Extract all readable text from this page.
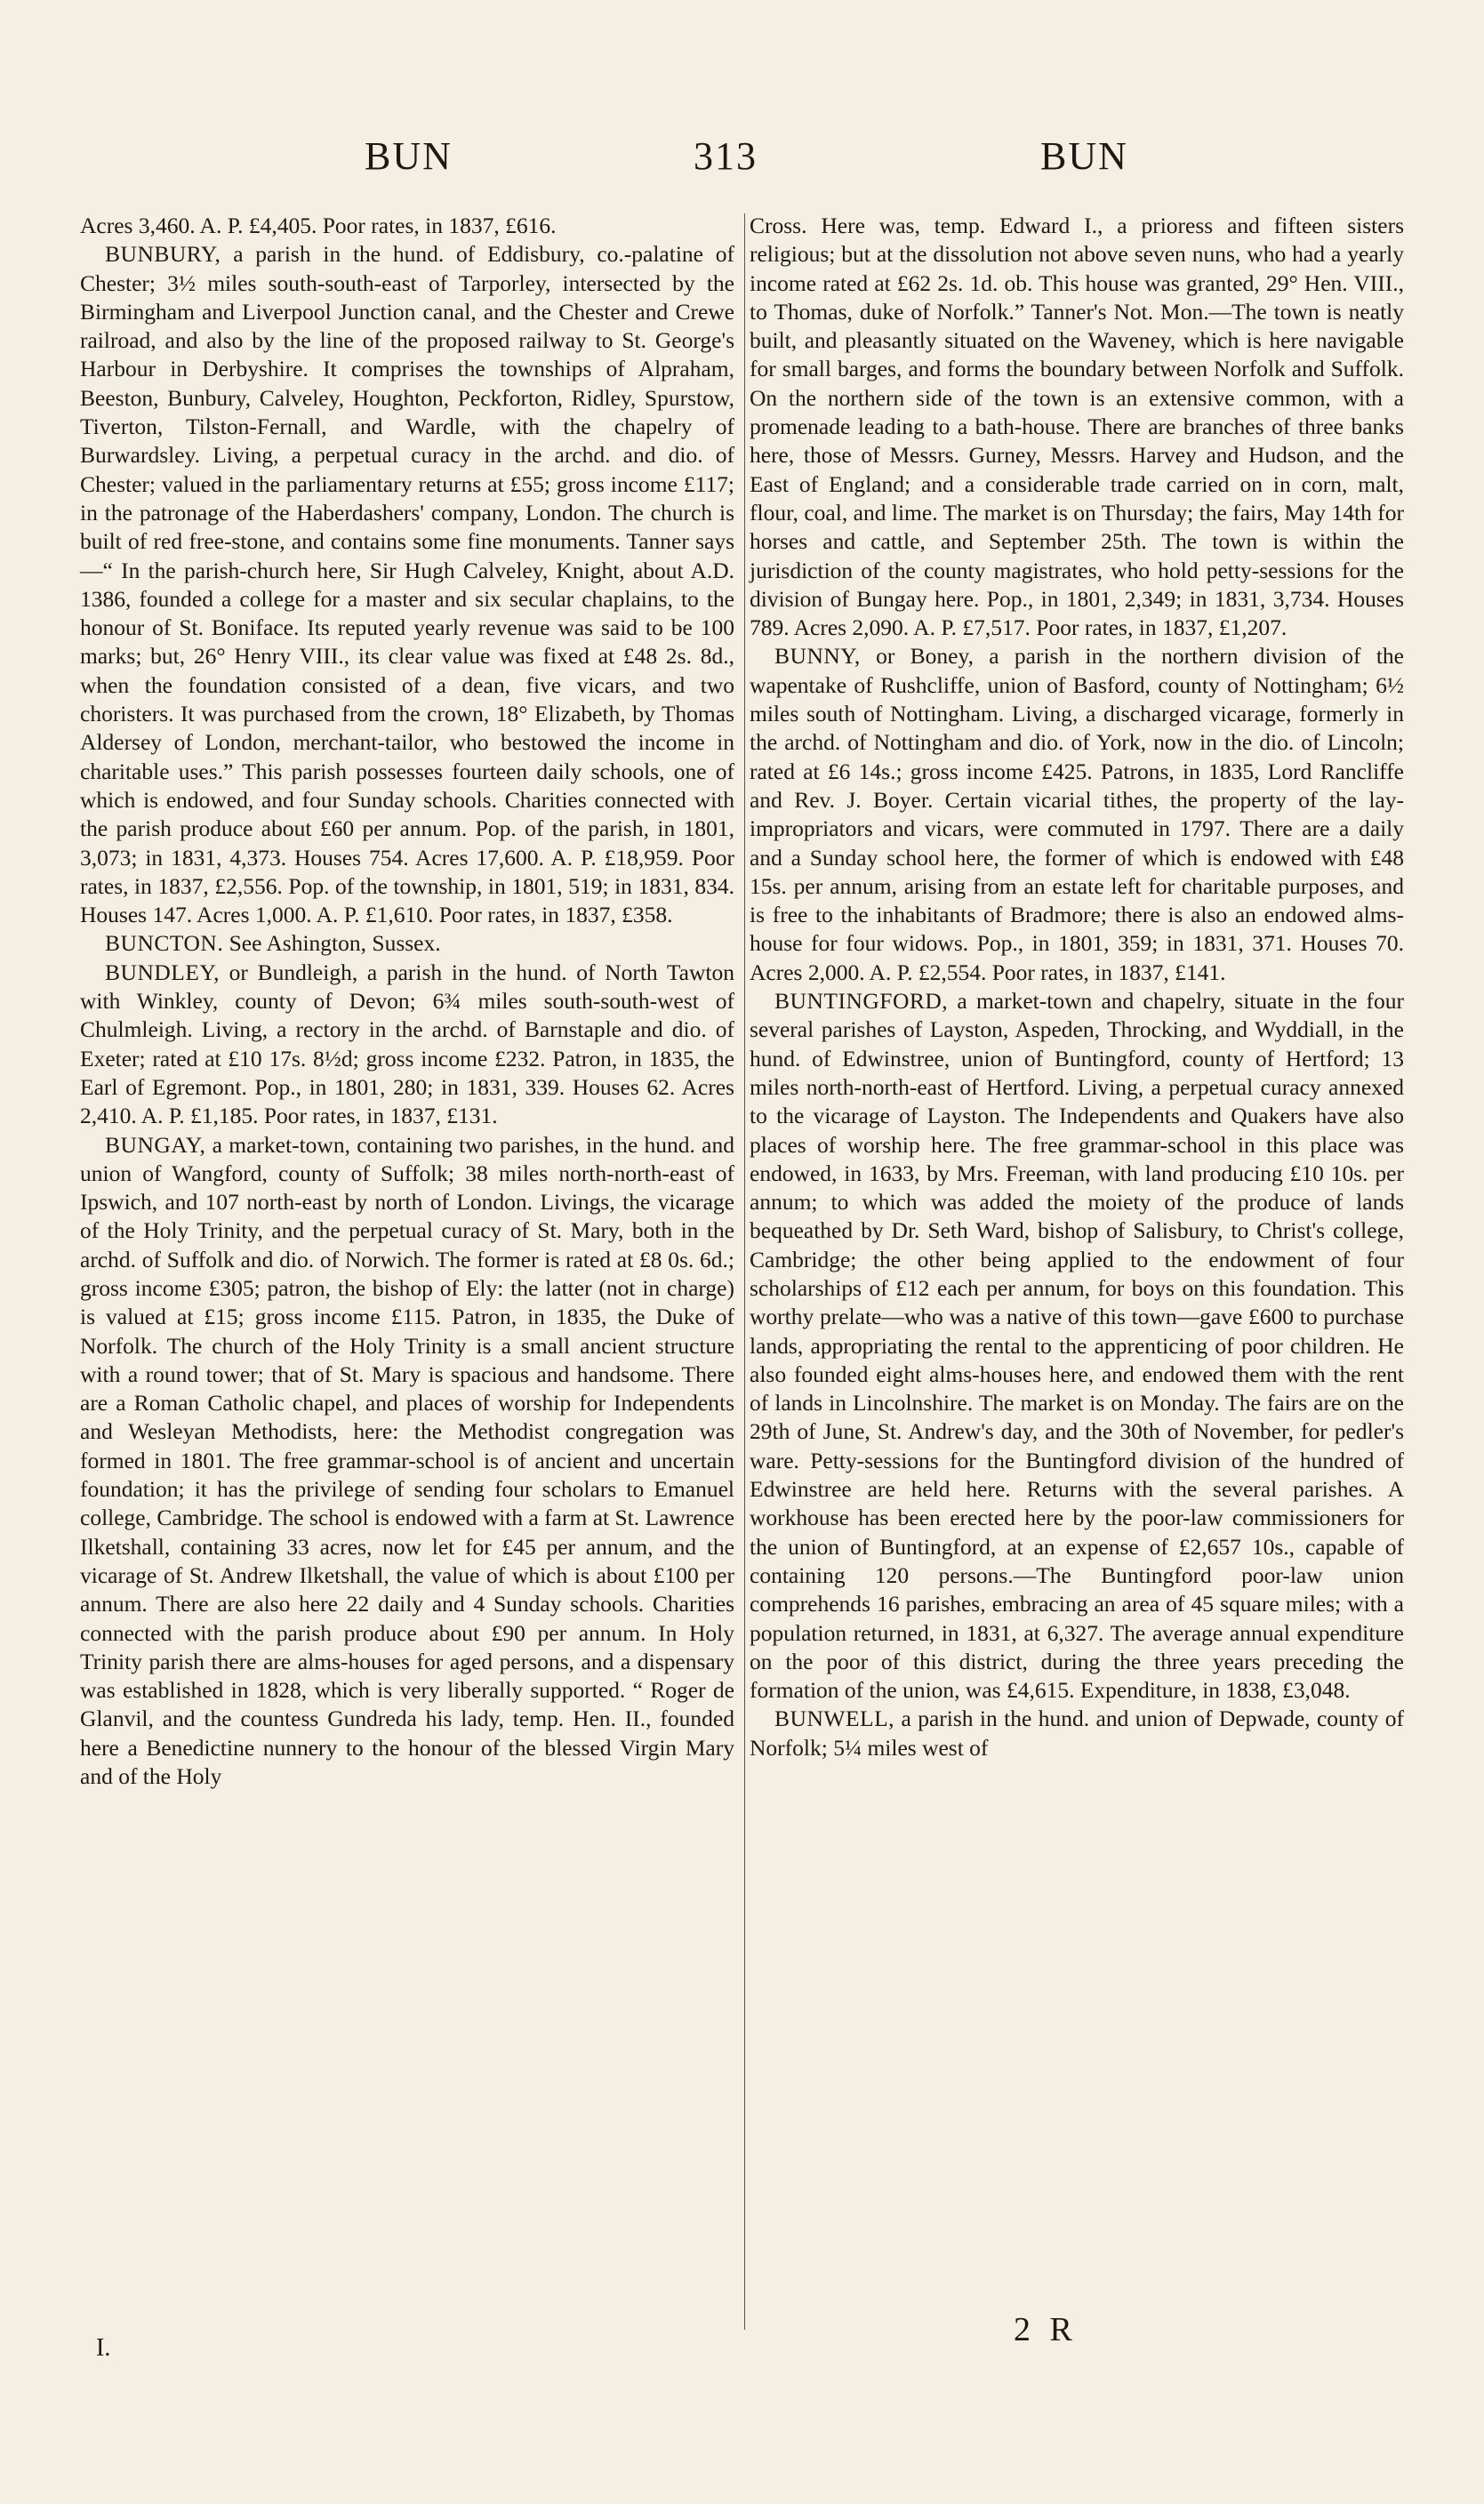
BUN	313	BUN

Acres 3,460. A. P. £4,405. Poor rates, in 1837, £616.

BUNBURY, a parish in the hund. of Eddisbury, co.-palatine of Chester; 3½ miles south-south-east of Tarporley, intersected by the Birmingham and Liverpool Junction canal, and the Chester and Crewe railroad, and also by the line of the proposed railway to St. George's Harbour in Derbyshire. It comprises the townships of Alpraham, Beeston, Bunbury, Calveley, Houghton, Peckforton, Ridley, Spurstow, Tiverton, Tilston-Fernall, and Wardle, with the chapelry of Burwardsley. Living, a perpetual curacy in the archd. and dio. of Chester; valued in the parliamentary returns at £55; gross income £117; in the patronage of the Haberdashers' company, London. The church is built of red free-stone, and contains some fine monuments. Tanner says—“ In the parish-church here, Sir Hugh Calveley, Knight, about A.D. 1386, founded a college for a master and six secular chaplains, to the honour of St. Boniface. Its reputed yearly revenue was said to be 100 marks; but, 26° Henry VIII., its clear value was fixed at £48 2s. 8d., when the foundation consisted of a dean, five vicars, and two choristers. It was purchased from the crown, 18° Elizabeth, by Thomas Aldersey of London, merchant-tailor, who bestowed the income in charitable uses.” This parish possesses fourteen daily schools, one of which is endowed, and four Sunday schools. Charities connected with the parish produce about £60 per annum. Pop. of the parish, in 1801, 3,073; in 1831, 4,373. Houses 754. Acres 17,600. A. P. £18,959. Poor rates, in 1837, £2,556. Pop. of the township, in 1801, 519; in 1831, 834. Houses 147. Acres 1,000. A. P. £1,610. Poor rates, in 1837, £358.

BUNCTON. See Ashington, Sussex.

BUNDLEY, or Bundleigh, a parish in the hund. of North Tawton with Winkley, county of Devon; 6¾ miles south-south-west of Chulmleigh. Living, a rectory in the archd. of Barnstaple and dio. of Exeter; rated at £10 17s. 8½d; gross income £232. Patron, in 1835, the Earl of Egremont. Pop., in 1801, 280; in 1831, 339. Houses 62. Acres 2,410. A. P. £1,185. Poor rates, in 1837, £131.

BUNGAY, a market-town, containing two parishes, in the hund. and union of Wangford, county of Suffolk; 38 miles north-north-east of Ipswich, and 107 north-east by north of London. Livings, the vicarage of the Holy Trinity, and the perpetual curacy of St. Mary, both in the archd. of Suffolk and dio. of Norwich. The former is rated at £8 0s. 6d.; gross income £305; patron, the bishop of Ely: the latter (not in charge) is valued at £15; gross income £115. Patron, in 1835, the Duke of Norfolk. The church of the Holy Trinity is a small ancient structure with a round tower; that of St. Mary is spacious and handsome. There are a Roman Catholic chapel, and places of worship for Independents and Wesleyan Methodists, here: the Methodist congregation was formed in 1801. The free grammar-school is of ancient and uncertain foundation; it has the privilege of sending four scholars to Emanuel college, Cambridge. The school is endowed with a farm at St. Lawrence Ilketshall, containing 33 acres, now let for £45 per annum, and the vicarage of St. Andrew Ilketshall, the value of which is about £100 per annum. There are also here 22 daily and 4 Sunday schools. Charities connected with the parish produce about £90 per annum. In Holy Trinity parish there are alms-houses for aged persons, and a dispensary was established in 1828, which is very liberally supported. “ Roger de Glanvil, and the countess Gundreda his lady, temp. Hen. II., founded here a Benedictine nunnery to the honour of the blessed Virgin Mary and of the Holy

Cross. Here was, temp. Edward I., a prioress and fifteen sisters religious; but at the dissolution not above seven nuns, who had a yearly income rated at £62 2s. 1d. ob. This house was granted, 29° Hen. VIII., to Thomas, duke of Norfolk.” Tanner's Not. Mon.—The town is neatly built, and pleasantly situated on the Waveney, which is here navigable for small barges, and forms the boundary between Norfolk and Suffolk. On the northern side of the town is an extensive common, with a promenade leading to a bath-house. There are branches of three banks here, those of Messrs. Gurney, Messrs. Harvey and Hudson, and the East of England; and a considerable trade carried on in corn, malt, flour, coal, and lime. The market is on Thursday; the fairs, May 14th for horses and cattle, and September 25th. The town is within the jurisdiction of the county magistrates, who hold petty-sessions for the division of Bungay here. Pop., in 1801, 2,349; in 1831, 3,734. Houses 789. Acres 2,090. A. P. £7,517. Poor rates, in 1837, £1,207.

BUNNY, or Boney, a parish in the northern division of the wapentake of Rushcliffe, union of Basford, county of Nottingham; 6½ miles south of Nottingham. Living, a discharged vicarage, formerly in the archd. of Nottingham and dio. of York, now in the dio. of Lincoln; rated at £6 14s.; gross income £425. Patrons, in 1835, Lord Rancliffe and Rev. J. Boyer. Certain vicarial tithes, the property of the lay-impropriators and vicars, were commuted in 1797. There are a daily and a Sunday school here, the former of which is endowed with £48 15s. per annum, arising from an estate left for charitable purposes, and is free to the inhabitants of Bradmore; there is also an endowed alms-house for four widows. Pop., in 1801, 359; in 1831, 371. Houses 70. Acres 2,000. A. P. £2,554. Poor rates, in 1837, £141.

BUNTINGFORD, a market-town and chapelry, situate in the four several parishes of Layston, Aspeden, Throcking, and Wyddiall, in the hund. of Edwinstree, union of Buntingford, county of Hertford; 13 miles north-north-east of Hertford. Living, a perpetual curacy annexed to the vicarage of Layston. The Independents and Quakers have also places of worship here. The free grammar-school in this place was endowed, in 1633, by Mrs. Freeman, with land producing £10 10s. per annum; to which was added the moiety of the produce of lands bequeathed by Dr. Seth Ward, bishop of Salisbury, to Christ's college, Cambridge; the other being applied to the endowment of four scholarships of £12 each per annum, for boys on this foundation. This worthy prelate—who was a native of this town—gave £600 to purchase lands, appropriating the rental to the apprenticing of poor children. He also founded eight alms-houses here, and endowed them with the rent of lands in Lincolnshire. The market is on Monday. The fairs are on the 29th of June, St. Andrew's day, and the 30th of November, for pedler's ware. Petty-sessions for the Buntingford division of the hundred of Edwinstree are held here. Returns with the several parishes. A workhouse has been erected here by the poor-law commissioners for the union of Buntingford, at an expense of £2,657 10s., capable of containing 120 persons.—The Buntingford poor-law union comprehends 16 parishes, embracing an area of 45 square miles; with a population returned, in 1831, at 6,327. The average annual expenditure on the poor of this district, during the three years preceding the formation of the union, was £4,615. Expenditure, in 1838, £3,048.

BUNWELL, a parish in the hund. and union of Depwade, county of Norfolk; 5¼ miles west of

I.	2 R
